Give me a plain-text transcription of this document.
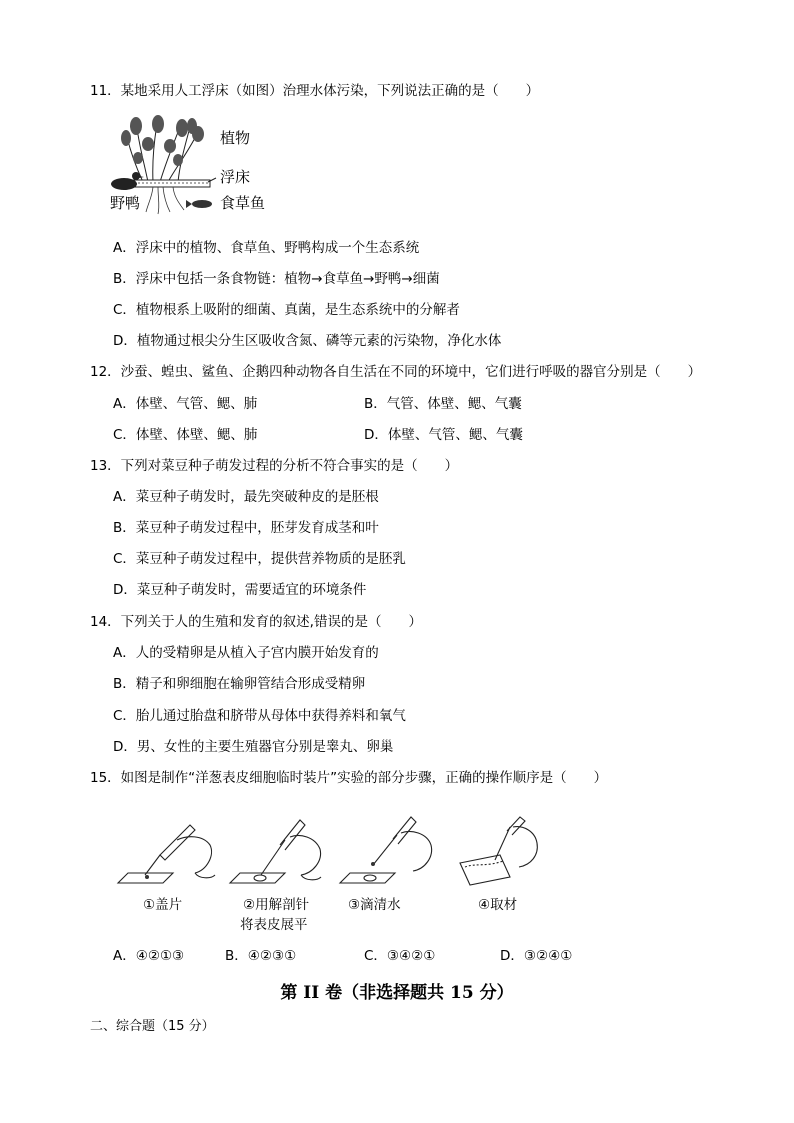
11．某地采用人工浮床（如图）治理水体污染，下列说法正确的是（　　）
植物
浮床
野鸭	食草鱼
A．浮床中的植物、食草鱼、野鸭构成一个生态系统
B．浮床中包括一条食物链：植物→食草鱼→野鸭→细菌
C．植物根系上吸附的细菌、真菌，是生态系统中的分解者
D．植物通过根尖分生区吸收含氮、磷等元素的污染物，净化水体
12．沙蚕、蝗虫、鲨鱼、企鹅四种动物各自生活在不同的环境中，它们进行呼吸的器官分别是（　　）
A．体壁、气管、鳃、肺	B．气管、体壁、鳃、气囊
C．体壁、体壁、鳃、肺	D．体壁、气管、鳃、气囊
13．下列对菜豆种子萌发过程的分析不符合事实的是（　　）
A．菜豆种子萌发时，最先突破种皮的是胚根
B．菜豆种子萌发过程中，胚芽发育成茎和叶
C．菜豆种子萌发过程中，提供营养物质的是胚乳
D．菜豆种子萌发时，需要适宜的环境条件
14．下列关于人的生殖和发育的叙述,错误的是（　　）
A．人的受精卵是从植入子宫内膜开始发育的
B．精子和卵细胞在输卵管结合形成受精卵
C．胎儿通过胎盘和脐带从母体中获得养料和氧气
D．男、女性的主要生殖器官分别是睾丸、卵巢
15．如图是制作“洋葱表皮细胞临时装片”实验的部分步骤，正确的操作顺序是（　　）
①盖片	②用解剖针
将表皮展平
③滴清水	④取材
A．④②①③	B．④②③①	C．③④②①	D．③②④①
第 II 卷（非选择题共 15 分）
二、综合题（15 分）
